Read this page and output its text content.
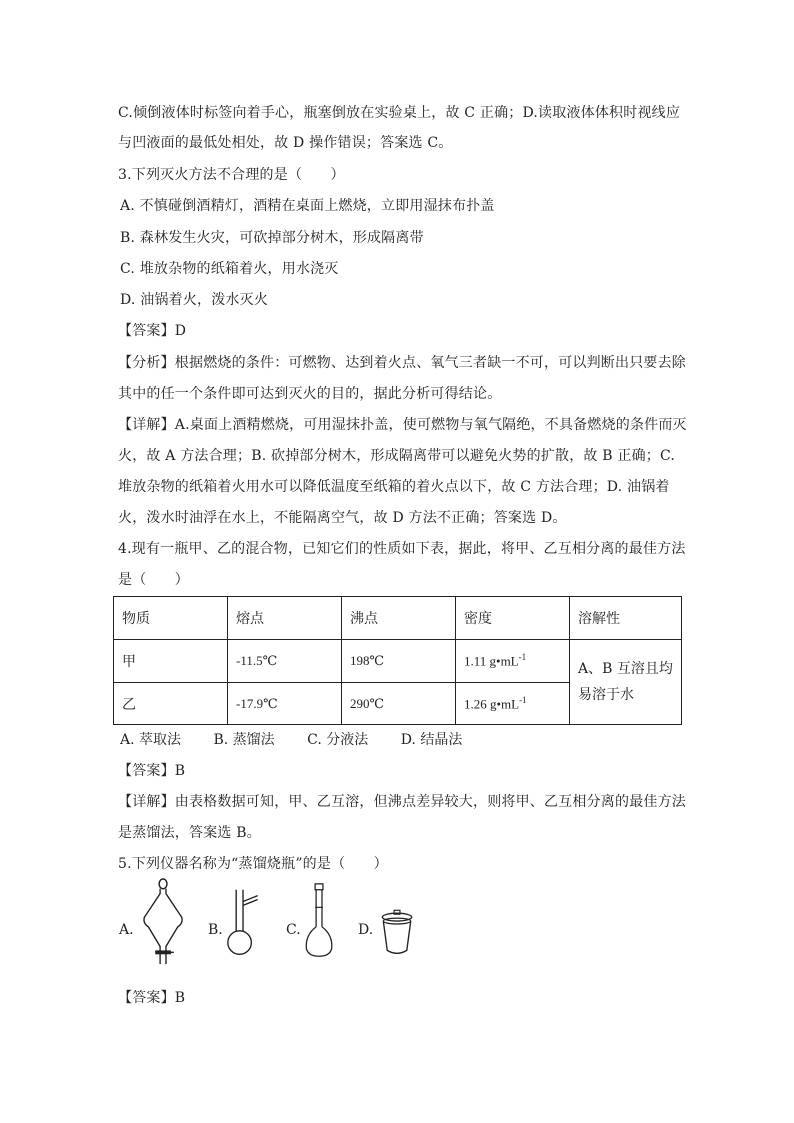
C.倾倒液体时标签向着手心，瓶塞倒放在实验桌上，故 C 正确；D.读取液体体积时视线应
与凹液面的最低处相处，故 D 操作错误；答案选 C。
3.下列灭火方法不合理的是（　　）
A. 不慎碰倒酒精灯，酒精在桌面上燃烧，立即用湿抹布扑盖
B. 森林发生火灾，可砍掉部分树木，形成隔离带
C. 堆放杂物的纸箱着火，用水浇灭
D. 油锅着火，泼水灭火
【答案】D
【分析】根据燃烧的条件：可燃物、达到着火点、氧气三者缺一不可，可以判断出只要去除
其中的任一个条件即可达到灭火的目的，据此分析可得结论。
【详解】A.桌面上酒精燃烧，可用湿抹扑盖，使可燃物与氧气隔绝，不具备燃烧的条件而灭
火，故 A 方法合理；B. 砍掉部分树木，形成隔离带可以避免火势的扩散，故 B 正确；C.
堆放杂物的纸箱着火用水可以降低温度至纸箱的着火点以下，故 C 方法合理；D. 油锅着
火，泼水时油浮在水上，不能隔离空气，故 D 方法不正确；答案选 D。
4.现有一瓶甲、乙的混合物，已知它们的性质如下表，据此，将甲、乙互相分离的最佳方法
是（　　）
物质	熔点	沸点	密度	溶解性
甲	-11.5℃	198℃	1.11 $g•mL^{-1}$	A、B 互溶且均
易溶于水
乙	-17.9℃	290℃	1.26 $g•mL^{-1}$
A. 萃取法 B. 蒸馏法 C. 分液法 D. 结晶法
【答案】B
【详解】由表格数据可知，甲、乙互溶，但沸点差异较大，则将甲、乙互相分离的最佳方法
是蒸馏法，答案选 B。
5.下列仪器名称为“蒸馏烧瓶”的是（　　）
A.	B.	C.	D.
【答案】B
